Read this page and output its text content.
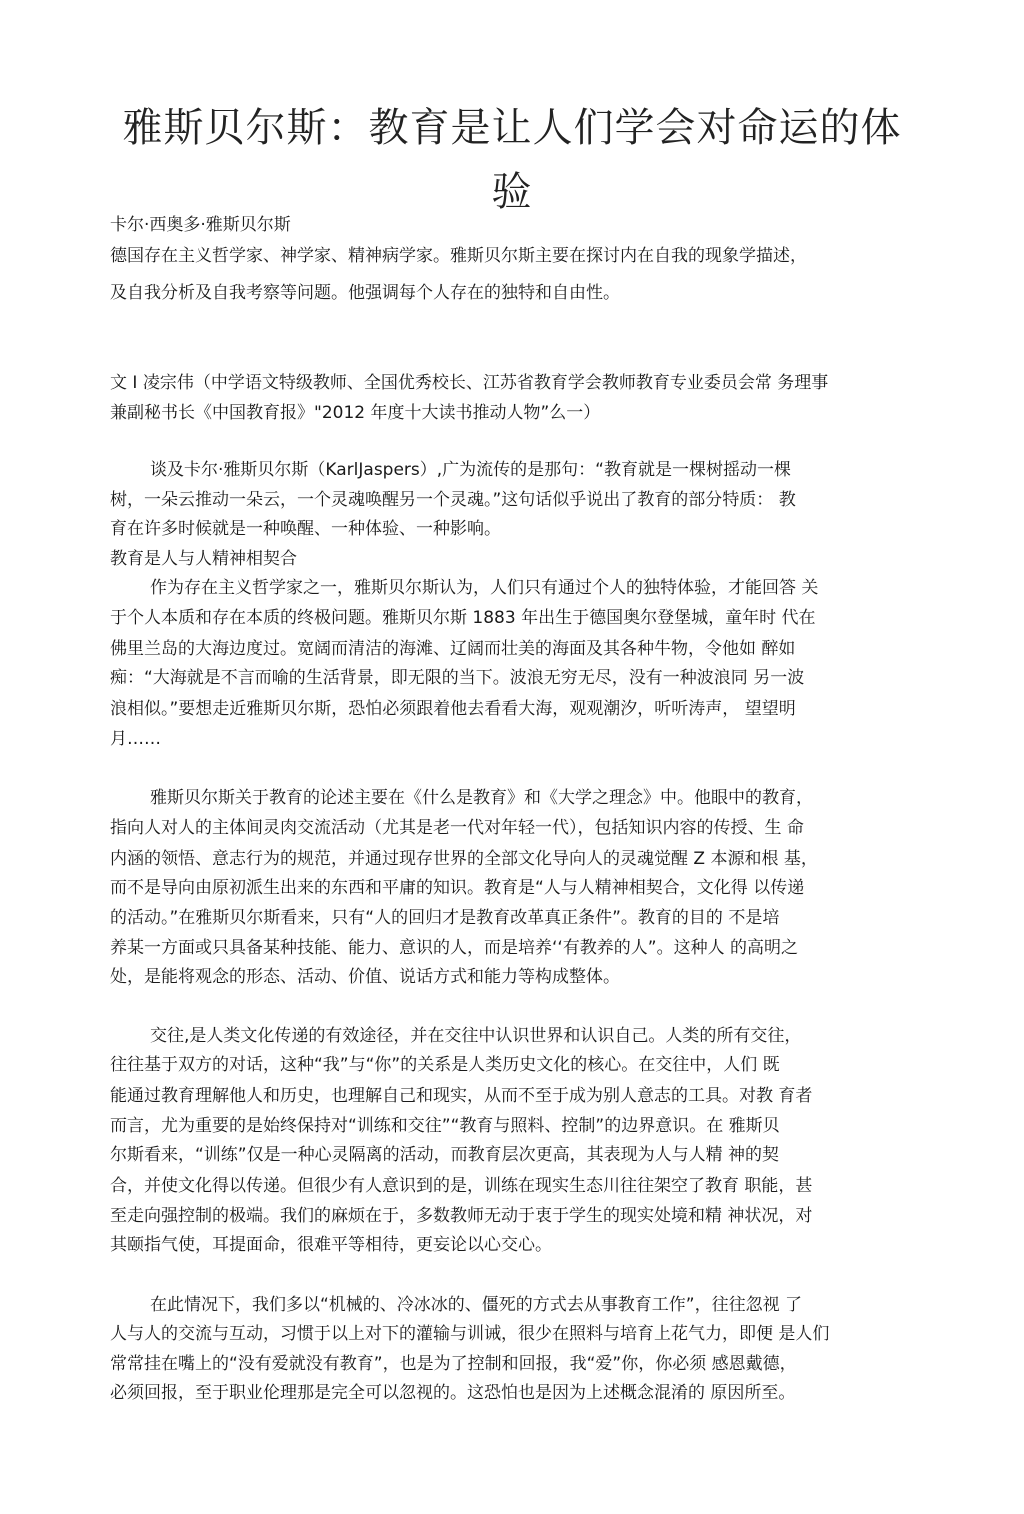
雅斯贝尔斯：教育是让人们学会对命运的体
验
卡尔·西奥多·雅斯贝尔斯
德国存在主义哲学家、神学家、精神病学家。雅斯贝尔斯主要在探讨内在自我的现象学描述，
及自我分析及自我考察等问题。他强调每个人存在的独特和自由性。
文 I 凌宗伟（中学语文特级教师、全国优秀校长、江苏省教育学会教师教育专业委员会常 务理事
兼副秘书长《中国教育报》"2012 年度十大读书推动人物”么一）
谈及卡尔·雅斯贝尔斯（KarlJaspers）,广为流传的是那句：“教育就是一棵树摇动一棵
树，一朵云推动一朵云，一个灵魂唤醒另一个灵魂。”这句话似乎说出了教育的部分特质： 教
育在许多时候就是一种唤醒、一种体验、一种影响。
教育是人与人精神相契合
作为存在主义哲学家之一，雅斯贝尔斯认为，人们只有通过个人的独特体验，才能回答 关
于个人本质和存在本质的终极问题。雅斯贝尔斯 1883 年出生于德国奥尔登堡城，童年时 代在
佛里兰岛的大海边度过。宽阔而清洁的海滩、辽阔而壮美的海面及其各种牛物，令他如 醉如
痴：“大海就是不言而喻的生活背景，即无限的当下。波浪无穷无尽，没有一种波浪同 另一波
浪相似。”要想走近雅斯贝尔斯，恐怕必须跟着他去看看大海，观观潮汐，听听涛声， 望望明
月……
雅斯贝尔斯关于教育的论述主要在《什么是教育》和《大学之理念》中。他眼中的教育，
指向人对人的主体间灵肉交流活动（尤其是老一代对年轻一代），包括知识内容的传授、生 命
内涵的领悟、意志行为的规范，并通过现存世界的全部文化导向人的灵魂觉醒 Z 本源和根 基，
而不是导向由原初派生出来的东西和平庸的知识。教育是“人与人精神相契合，文化得 以传递
的活动。”在雅斯贝尔斯看来，只有“人的回归才是教育改革真正条件”。教育的目的 不是培
养某一方面或只具备某种技能、能力、意识的人，而是培养‘‘有教养的人”。这种人 的高明之
处，是能将观念的形态、活动、价值、说话方式和能力等构成整体。
交往,是人类文化传递的有效途径，并在交往中认识世界和认识自己。人类的所有交往，
往往基于双方的对话，这种“我”与“你”的关系是人类历史文化的核心。在交往中，人们 既
能通过教育理解他人和历史，也理解自己和现实，从而不至于成为别人意志的工具。对教 育者
而言，尤为重要的是始终保持对“训练和交往”“教育与照料、控制”的边界意识。在 雅斯贝
尔斯看来，“训练”仅是一种心灵隔离的活动，而教育层次更高，其表现为人与人精 神的契
合，并使文化得以传递。但很少有人意识到的是，训练在现实生态川往往架空了教育 职能，甚
至走向强控制的极端。我们的麻烦在于，多数教师无动于衷于学生的现实处境和精 神状况，对
其颐指气使，耳提面命，很难平等相待，更妄论以心交心。
在此情况下，我们多以“机械的、冷冰冰的、僵死的方式去从事教育工作”，往往忽视 了
人与人的交流与互动，习惯于以上对下的灌输与训诫，很少在照料与培育上花气力，即便 是人们
常常挂在嘴上的“没有爱就没有教育”，也是为了控制和回报，我“爱”你，你必须 感恩戴德，
必须回报，至于职业伦理那是完全可以忽视的。这恐怕也是因为上述概念混淆的 原因所至。
